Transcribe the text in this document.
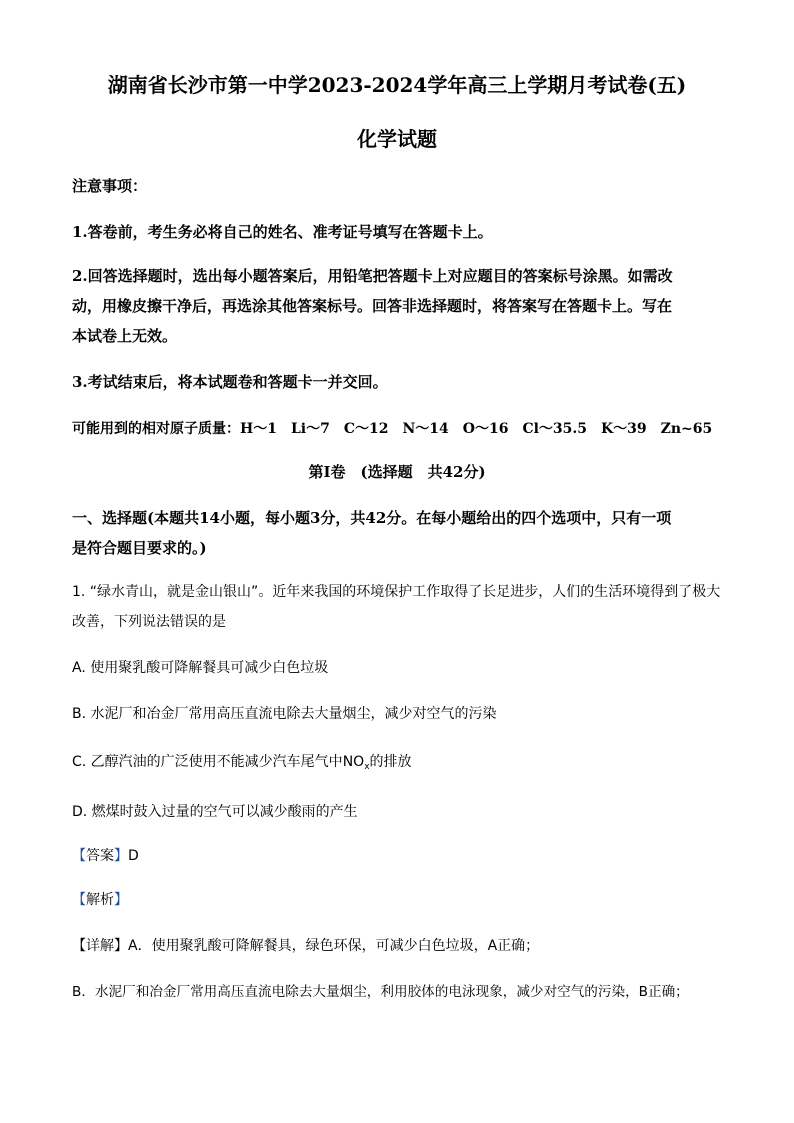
湖南省长沙市第一中学2023-2024学年高三上学期月考试卷(五)
化学试题
注意事项：
1.答卷前，考生务必将自己的姓名、准考证号填写在答题卡上。
2.回答选择题时，选出每小题答案后，用铅笔把答题卡上对应题目的答案标号涂黑。如需改
动，用橡皮擦干净后，再选涂其他答案标号。回答非选择题时，将答案写在答题卡上。写在
本试卷上无效。
3.考试结束后，将本试题卷和答题卡一并交回。
可能用到的相对原子质量：H～1　Li～7　C～12　N～14　O～16　Cl～35.5　K～39　Zn~65
第Ⅰ卷　(选择题　共42分)
一、选择题(本题共14小题，每小题3分，共42分。在每小题给出的四个选项中，只有一项
是符合题目要求的。)
1. “绿水青山，就是金山银山”。近年来我国的环境保护工作取得了长足进步，人们的生活环境得到了极大
改善，下列说法错误的是
A. 使用聚乳酸可降解餐具可减少白色垃圾
B. 水泥厂和冶金厂常用高压直流电除去大量烟尘，减少对空气的污染
C. 乙醇汽油的广泛使用不能减少汽车尾气中$NO_x$的排放
D. 燃煤时鼓入过量的空气可以减少酸雨的产生
【答案】D
【解析】
【详解】A．使用聚乳酸可降解餐具，绿色环保，可减少白色垃圾，A正确；
B．水泥厂和冶金厂常用高压直流电除去大量烟尘，利用胶体的电泳现象，减少对空气的污染，B正确；
